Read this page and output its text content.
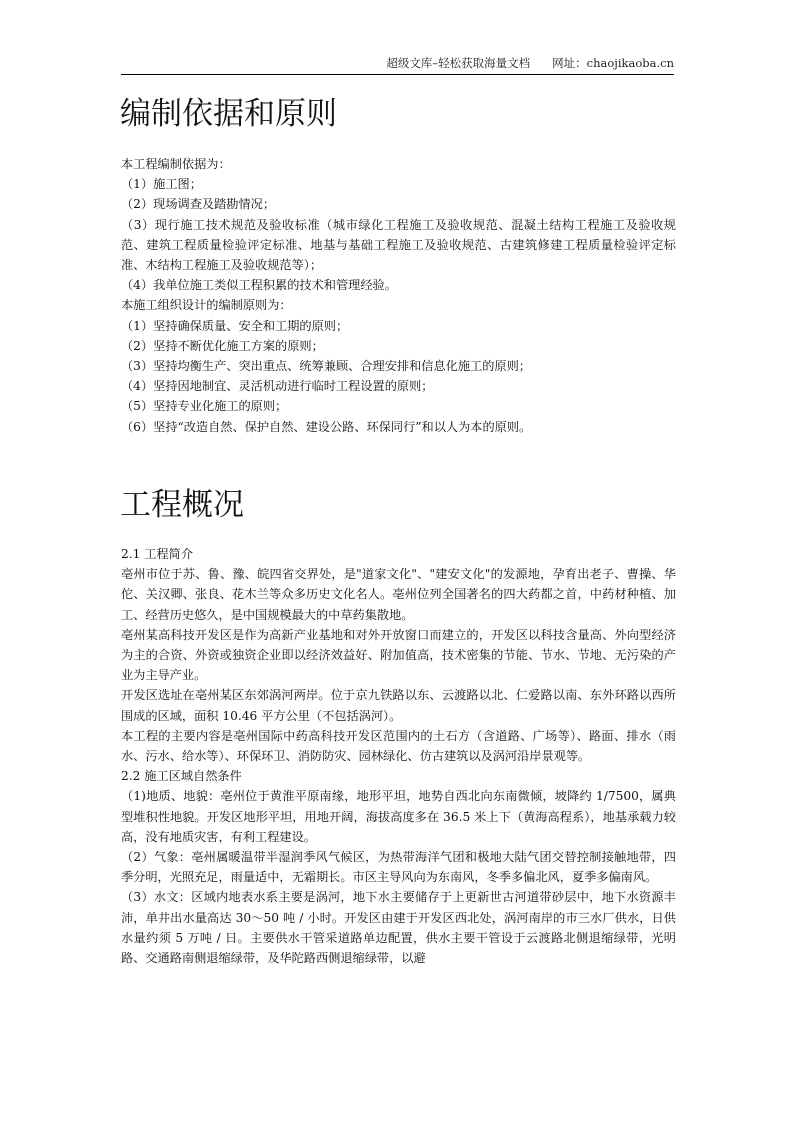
超级文库–轻松获取海量文档 网址：chaojikaoba.cn
编制依据和原则

本工程编制依据为：

（1）施工图；

（2）现场调查及踏勘情况；

（3）现行施工技术规范及验收标准（城市绿化工程施工及验收规范、混凝土结构工程施工及验收规范、建筑工程质量检验评定标准、地基与基础工程施工及验收规范、古建筑修建工程质量检验评定标准、木结构工程施工及验收规范等）；

（4）我单位施工类似工程积累的技术和管理经验。

本施工组织设计的编制原则为：

（1）坚持确保质量、安全和工期的原则；

（2）坚持不断优化施工方案的原则；

（3）坚持均衡生产、突出重点、统筹兼顾、合理安排和信息化施工的原则；

（4）坚持因地制宜、灵活机动进行临时工程设置的原则；

（5）坚持专业化施工的原则；

（6）坚持“改造自然、保护自然、建设公路、环保同行”和以人为本的原则。

工程概况

2.1 工程简介

亳州市位于苏、鲁、豫、皖四省交界处，是"道家文化"、"建安文化"的发源地，孕育出老子、曹操、华佗、关汉卿、张良、花木兰等众多历史文化名人。亳州位列全国著名的四大药都之首，中药材种植、加工、经营历史悠久，是中国规模最大的中草药集散地。

亳州某高科技开发区是作为高新产业基地和对外开放窗口而建立的，开发区以科技含量高、外向型经济为主的合资、外资或独资企业即以经济效益好、附加值高，技术密集的节能、节水、节地、无污染的产业为主导产业。

开发区选址在亳州某区东郊涡河两岸。位于京九铁路以东、云渡路以北、仁爱路以南、东外环路以西所围成的区域，面积 10.46 平方公里（不包括涡河）。

本工程的主要内容是亳州国际中药高科技开发区范围内的土石方（含道路、广场等）、路面、排水（雨水、污水、给水等）、环保环卫、消防防灾、园林绿化、仿古建筑以及涡河沿岸景观等。

2.2 施工区域自然条件

（1)地质、地貌：亳州位于黄淮平原南缘，地形平坦，地势自西北向东南微倾，坡降约 1/7500，属典型堆积性地貌。开发区地形平坦，用地开阔，海拔高度多在 36.5 米上下（黄海高程系），地基承载力较高，没有地质灾害，有利工程建设。

（2）气象：亳州属暖温带半湿润季风气候区，为热带海洋气团和极地大陆气团交替控制接触地带，四季分明，光照充足，雨量适中，无霜期长。市区主导风向为东南风，冬季多偏北风，夏季多偏南风。

（3）水文：区域内地表水系主要是涡河，地下水主要储存于上更新世古河道带砂层中，地下水资源丰沛，单井出水量高达 30～50 吨 / 小时。开发区由建于开发区西北处，涡河南岸的市三水厂供水，日供水量约须 5 万吨 / 日。主要供水干管采道路单边配置，供水主要干管设于云渡路北侧退缩绿带，光明路、交通路南侧退缩绿带，及华陀路西侧退缩绿带，以避
